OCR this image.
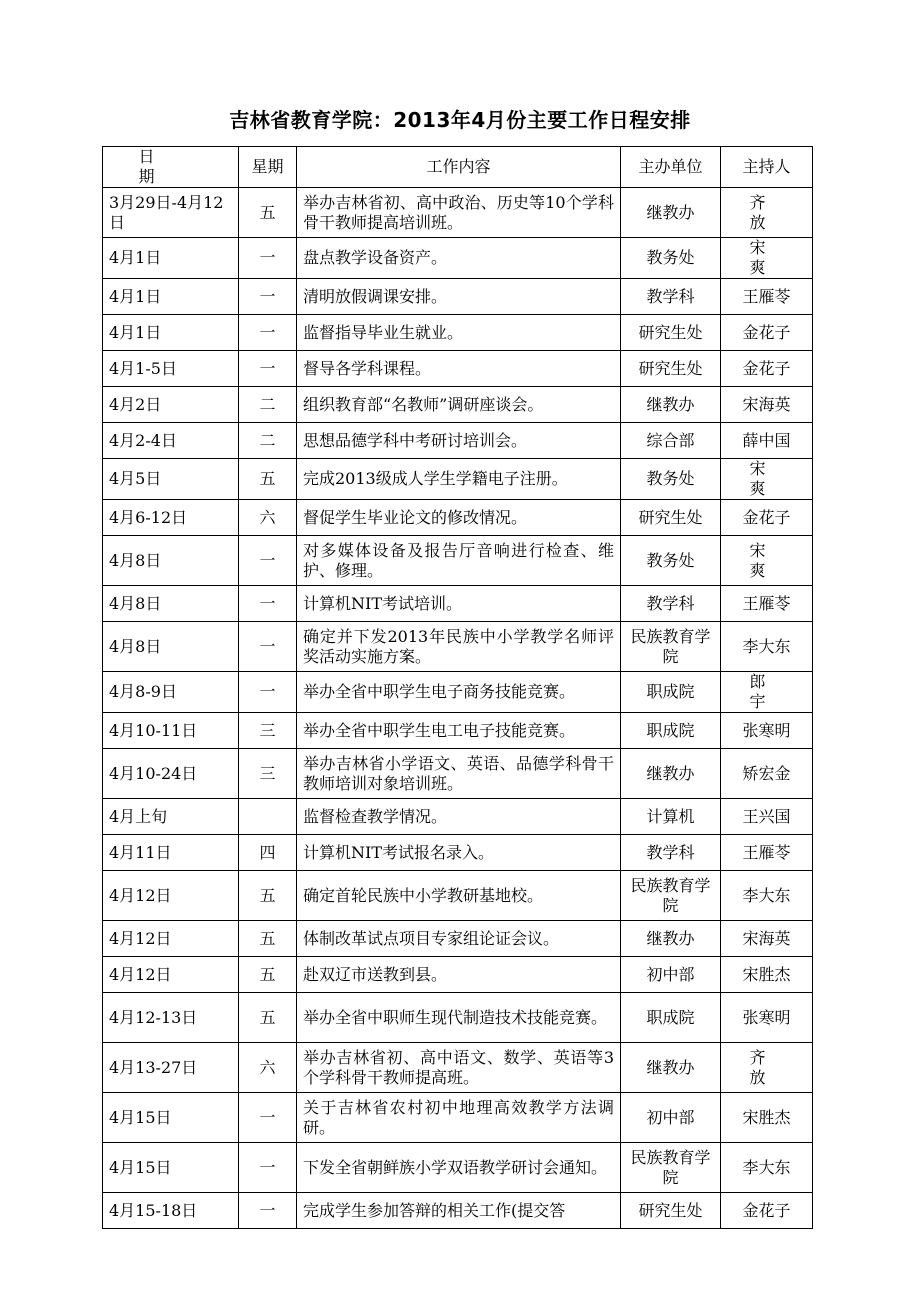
吉林省教育学院：2013年4月份主要工作日程安排
日期	星期	工作内容	主办单位	主持人
3月29日-4月12日	五	举办吉林省初、高中政治、历史等10个学科骨干教师提高培训班。	继教办	齐 放
4月1日	一	盘点教学设备资产。	教务处	宋 爽
4月1日	一	清明放假调课安排。	教学科	王雁苓
4月1日	一	监督指导毕业生就业。	研究生处	金花子
4月1-5日	一	督导各学科课程。	研究生处	金花子
4月2日	二	组织教育部“名教师”调研座谈会。	继教办	宋海英
4月2-4日	二	思想品德学科中考研讨培训会。	综合部	薛中国
4月5日	五	完成2013级成人学生学籍电子注册。	教务处	宋 爽
4月6-12日	六	督促学生毕业论文的修改情况。	研究生处	金花子
4月8日	一	对多媒体设备及报告厅音响进行检查、维护、修理。	教务处	宋 爽
4月8日	一	计算机NIT考试培训。	教学科	王雁苓
4月8日	一	确定并下发2013年民族中小学教学名师评奖活动实施方案。	民族教育学院	李大东
4月8-9日	一	举办全省中职学生电子商务技能竞赛。	职成院	郎 宇
4月10-11日	三	举办全省中职学生电工电子技能竞赛。	职成院	张寒明
4月10-24日	三	举办吉林省小学语文、英语、品德学科骨干教师培训对象培训班。	继教办	矫宏金
4月上旬		监督检查教学情况。	计算机	王兴国
4月11日	四	计算机NIT考试报名录入。	教学科	王雁苓
4月12日	五	确定首轮民族中小学教研基地校。	民族教育学院	李大东
4月12日	五	体制改革试点项目专家组论证会议。	继教办	宋海英
4月12日	五	赴双辽市送教到县。	初中部	宋胜杰
4月12-13日	五	举办全省中职师生现代制造技术技能竞赛。	职成院	张寒明
4月13-27日	六	举办吉林省初、高中语文、数学、英语等3个学科骨干教师提高班。	继教办	齐 放
4月15日	一	关于吉林省农村初中地理高效教学方法调研。	初中部	宋胜杰
4月15日	一	下发全省朝鲜族小学双语教学研讨会通知。	民族教育学院	李大东
4月15-18日	一	完成学生参加答辩的相关工作(提交答	研究生处	金花子
